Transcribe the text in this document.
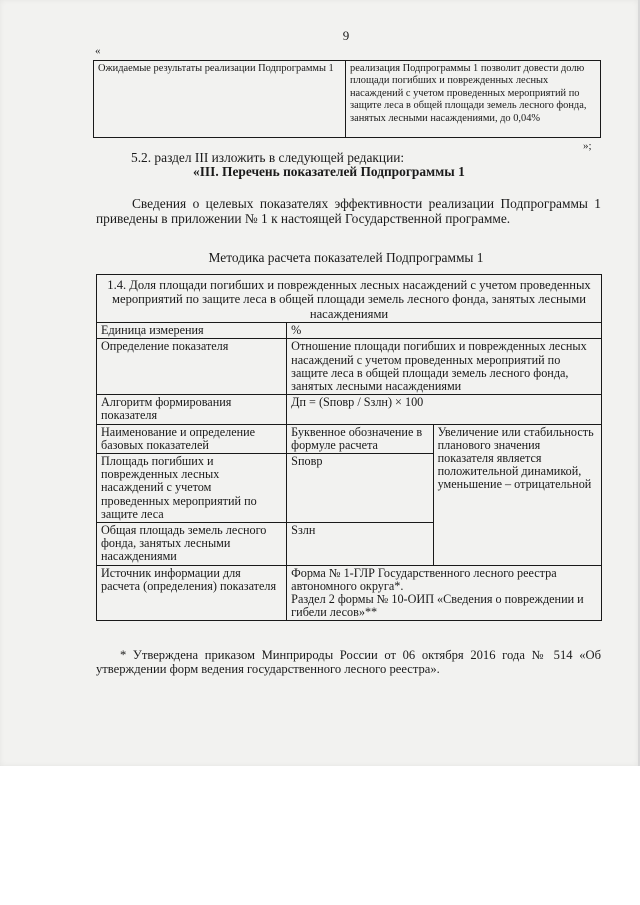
9
«
Ожидаемые результаты реализации Подпрограммы 1	реализация Подпрограммы 1 позволит довести долю площади погибших и поврежденных лесных насаждений с учетом проведенных мероприятий по защите леса в общей площади земель лесного фонда, занятых лесными насаждениями, до 0,04%
»;
5.2. раздел III изложить в следующей редакции:
«III. Перечень показателей Подпрограммы 1
Сведения о целевых показателях эффективности реализации Подпрограммы 1 приведены в приложении № 1 к настоящей Государственной программе.
Методика расчета показателей Подпрограммы 1
1.4. Доля площади погибших и поврежденных лесных насаждений с учетом проведенных мероприятий по защите леса в общей площади земель лесного фонда, занятых лесными насаждениями		
Единица измерения	%	
Определение показателя	Отношение площади погибших и поврежденных лесных насаждений с учетом проведенных мероприятий по защите леса в общей площади земель лесного фонда, занятых лесными насаждениями	
Алгоритм формирования показателя	Дп = (Sповр / Sзлн) × 100	
Наименование и определение базовых показателей	Буквенное обозначение в формуле расчета	Увеличение или стабильность планового значения показателя является положительной динамикой, уменьшение – отрицательной
Площадь погибших и поврежденных лесных насаждений с учетом проведенных мероприятий по защите леса	Sповр	
Общая площадь земель лесного фонда, занятых лесными насаждениями	Sзлн	
Источник информации для расчета (определения) показателя	Форма № 1-ГЛР Государственного лесного реестра автономного округа*.
Раздел 2 формы № 10-ОИП «Сведения о повреждении и гибели лесов»**	
* Утверждена приказом Минприроды России от 06 октября 2016 года № 514 «Об утверждении форм ведения государственного лесного реестра».
